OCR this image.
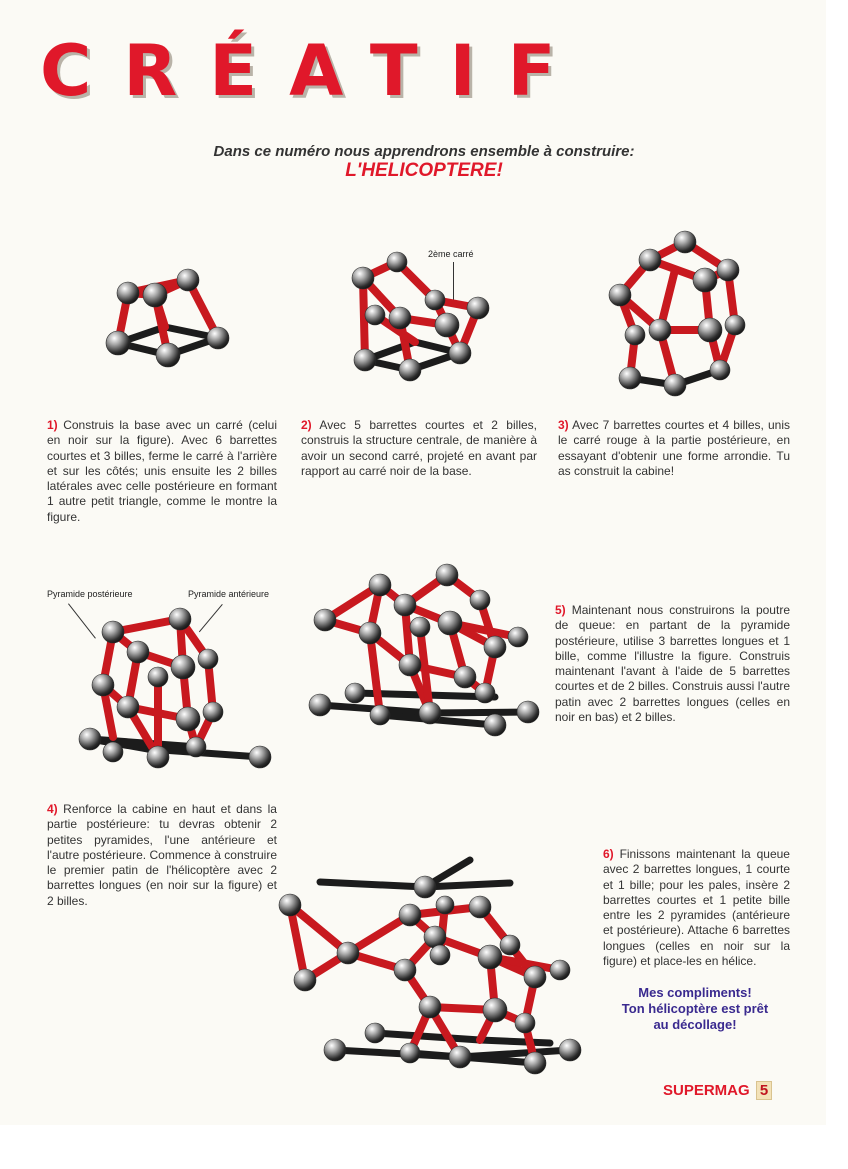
CRÉATIF
Dans ce numéro nous apprendrons ensemble à construire:
L'HELICOPTERE!
2ème carré

1) Construis la base avec un carré (celui en noir sur la figure). Avec 6 barrettes courtes et 3 billes, ferme le carré à l'arrière et sur les côtés; unis ensuite les 2 billes latérales avec celle postérieure en formant 1 autre petit triangle, comme le montre la figure.

2) Avec 5 barrettes courtes et 2 billes, construis la structure centrale, de manière à avoir un second carré, projeté en avant par rapport au carré noir de la base.

3) Avec 7 barrettes courtes et 4 billes, unis le carré rouge à la partie postérieure, en essayant d'obtenir une forme arrondie. Tu as construit la cabine!

Pyramide postérieure	Pyramide antérieure

5) Maintenant nous construirons la poutre de queue: en partant de la pyramide postérieure, utilise 3 barrettes longues et 1 bille, comme l'illustre la figure. Construis maintenant l'avant à l'aide de 5 barrettes courtes et de 2 billes. Construis aussi l'autre patin avec 2 barrettes longues (celles en noir en bas) et 2 billes.

4) Renforce la cabine en haut et dans la partie postérieure: tu devras obtenir 2 petites pyramides, l'une antérieure et l'autre postérieure. Commence à construire le premier patin de l'hélicoptère avec 2 barrettes longues (en noir sur la figure) et 2 billes.

6) Finissons maintenant la queue avec 2 barrettes longues, 1 courte et 1 bille; pour les pales, insère 2 barrettes courtes et 1 petite bille entre les 2 pyramides (antérieure et postérieure). Attache 6 barrettes longues (celles en noir sur la figure) et place-les en hélice.

Mes compliments!
Ton hélicoptère est prêt
au décollage!
SUPERMAG 5
